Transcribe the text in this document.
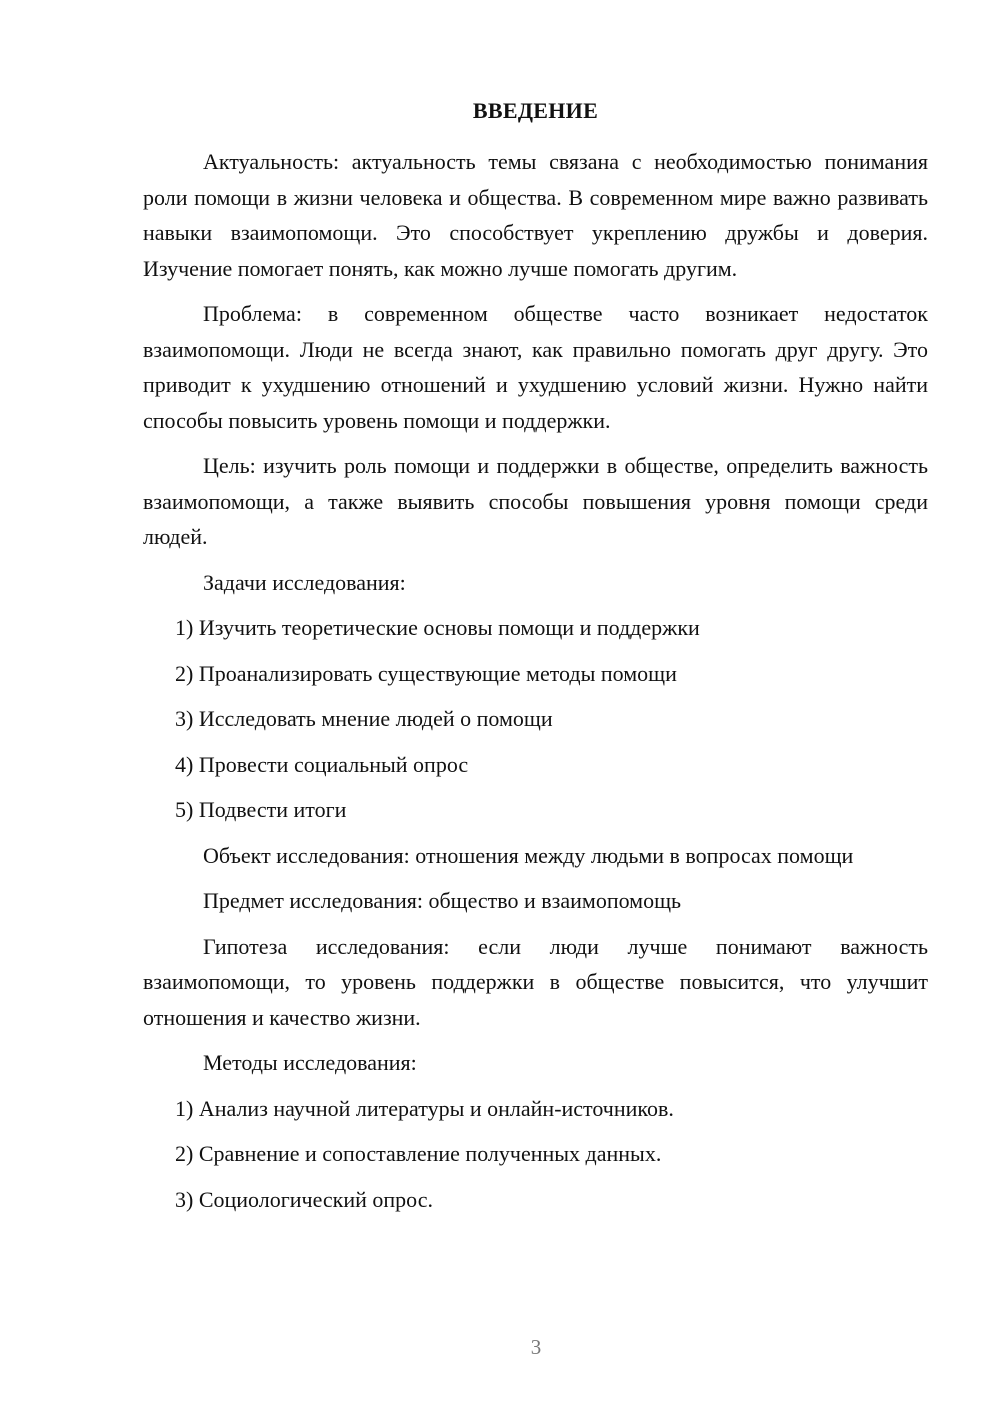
ВВЕДЕНИЕ

Актуальность: актуальность темы связана с необходимостью понимания роли помощи в жизни человека и общества. В современном мире важно развивать навыки взаимопомощи. Это способствует укреплению дружбы и доверия. Изучение помогает понять, как можно лучше помогать другим.

Проблема: в современном обществе часто возникает недостаток взаимопомощи. Люди не всегда знают, как правильно помогать друг другу. Это приводит к ухудшению отношений и ухудшению условий жизни. Нужно найти способы повысить уровень помощи и поддержки.

Цель: изучить роль помощи и поддержки в обществе, определить важность взаимопомощи, а также выявить способы повышения уровня помощи среди людей.

Задачи исследования:

1) Изучить теоретические основы помощи и поддержки
2) Проанализировать существующие методы помощи
3) Исследовать мнение людей о помощи
4) Провести социальный опрос
5) Подвести итоги

Объект исследования: отношения между людьми в вопросах помощи

Предмет исследования: общество и взаимопомощь

Гипотеза исследования: если люди лучше понимают важность взаимопомощи, то уровень поддержки в обществе повысится, что улучшит отношения и качество жизни.

Методы исследования:

1) Анализ научной литературы и онлайн-источников.
2) Сравнение и сопоставление полученных данных.
3) Социологический опрос.
3
